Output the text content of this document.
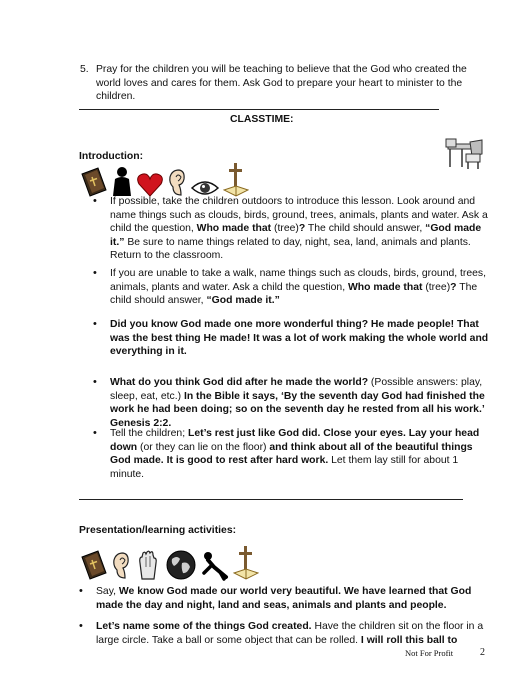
5. Pray for the children you will be teaching to believe that the God who created the world loves and cares for them. Ask God to prepare your heart to minister to the children.
CLASSTIME:
Introduction:
• If possible, take the children outdoors to introduce this lesson. Look around and name things such as clouds, birds, ground, trees, animals, plants and water. Ask a child the question, Who made that (tree)? The child should answer, “God made it.” Be sure to name things related to day, night, sea, land, animals and plants. Return to the classroom.
• If you are unable to take a walk, name things such as clouds, birds, ground, trees, animals, plants and water. Ask a child the question, Who made that (tree)? The child should answer, “God made it.”
• Did you know God made one more wonderful thing? He made people! That was the best thing He made! It was a lot of work making the whole world and everything in it.
• What do you think God did after he made the world? (Possible answers: play, sleep, eat, etc.) In the Bible it says, ‘By the seventh day God had finished the work he had been doing; so on the seventh day he rested from all his work.’ Genesis 2:2.
• Tell the children; Let’s rest just like God did. Close your eyes. Lay your head down (or they can lie on the floor) and think about all of the beautiful things God made. It is good to rest after hard work. Let them lay still for about 1 minute.
Presentation/learning activities:
• Say, We know God made our world very beautiful. We have learned that God made the day and night, land and seas, animals and plants and people.
• Let’s name some of the things God created. Have the children sit on the floor in a large circle. Take a ball or some object that can be rolled. I will roll this ball to
Not For Profit	2
